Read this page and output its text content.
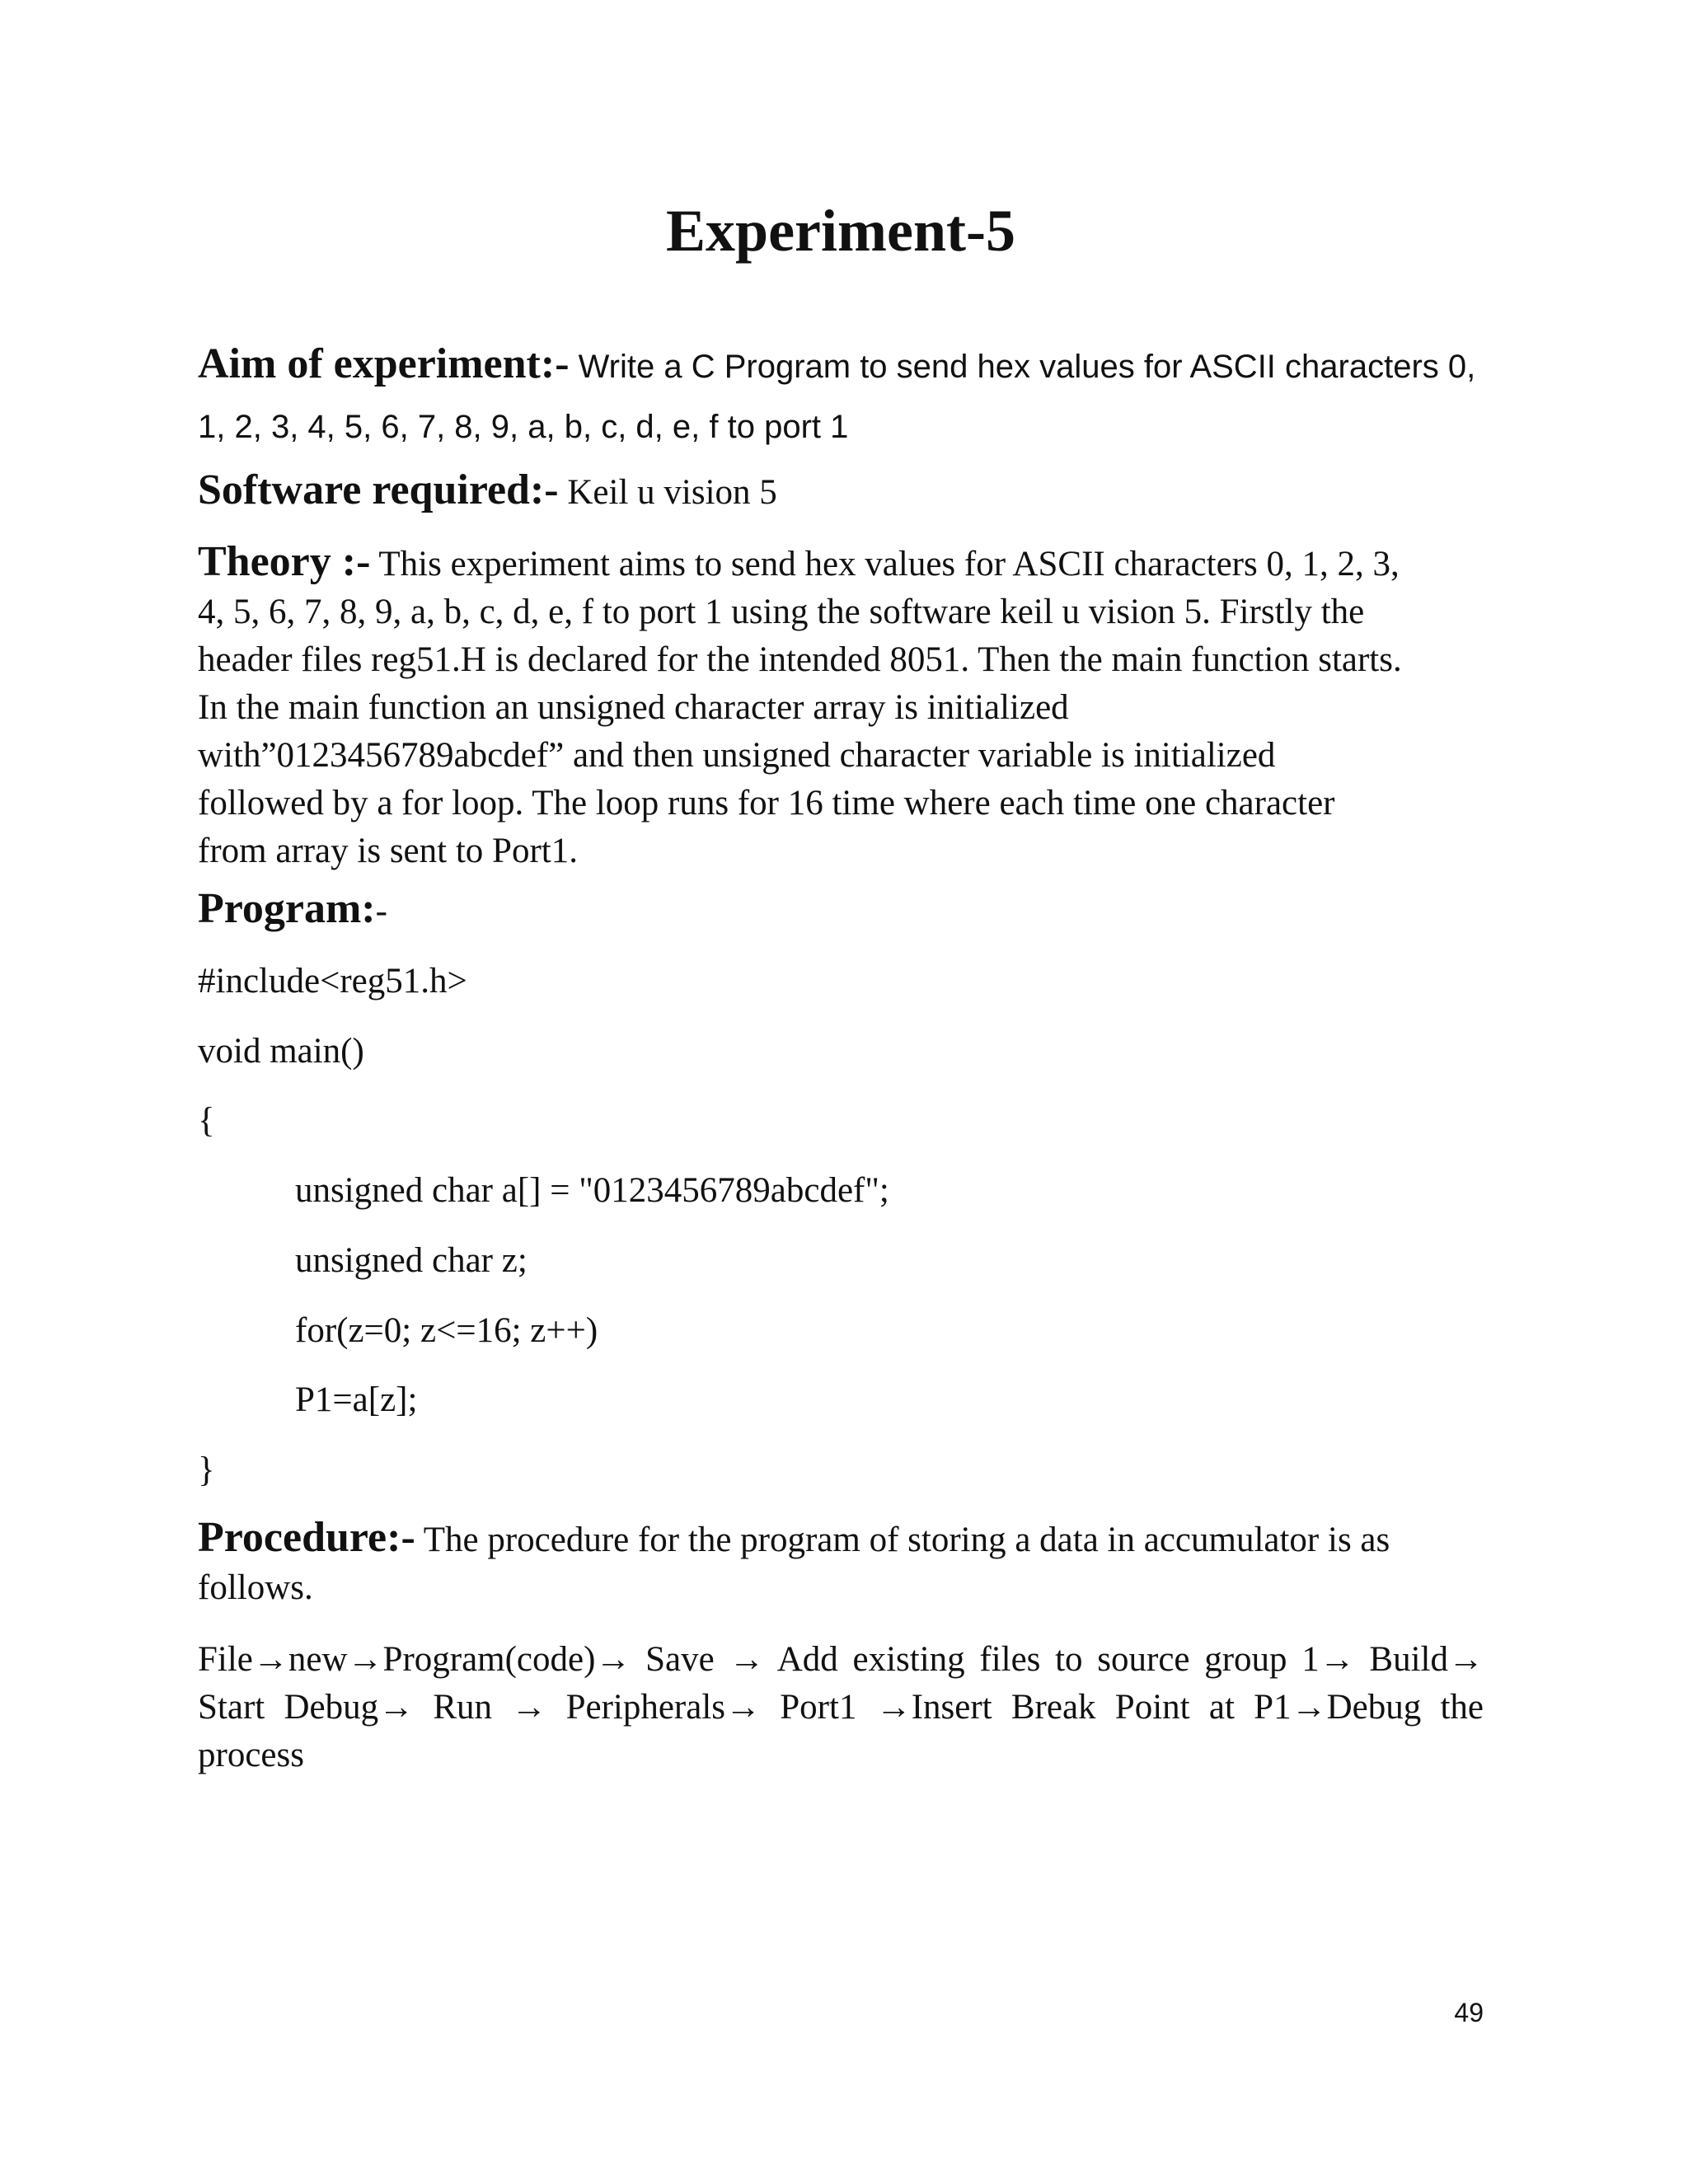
Experiment-5

Aim of experiment:- Write a C Program to send hex values for ASCII characters 0, 1, 2, 3, 4, 5, 6, 7, 8, 9, a, b, c, d, e, f to port 1

Software required:- Keil u vision 5

Theory :- This experiment aims to send hex values for ASCII characters 0, 1, 2, 3,
4, 5, 6, 7, 8, 9, a, b, c, d, e, f to port 1 using the software keil u vision 5. Firstly the
header files reg51.H is declared for the intended 8051. Then the main function starts.
In the main function an unsigned character array is initialized
with”0123456789abcdef” and then unsigned character variable is initialized
followed by a for loop. The loop runs for 16 time where each time one character
from array is sent to Port1.

Program:-

#include<reg51.h>

void main()

{

unsigned char a[] = "0123456789abcdef";

unsigned char z;

for(z=0; z<=16; z++)

P1=a[z];

}

Procedure:- The procedure for the program of storing a data in accumulator is as follows.

File→new→Program(code)→ Save → Add existing files to source group 1→ Build→ Start Debug→ Run → Peripherals→ Port1 →Insert Break Point at P1→Debug the process

49
